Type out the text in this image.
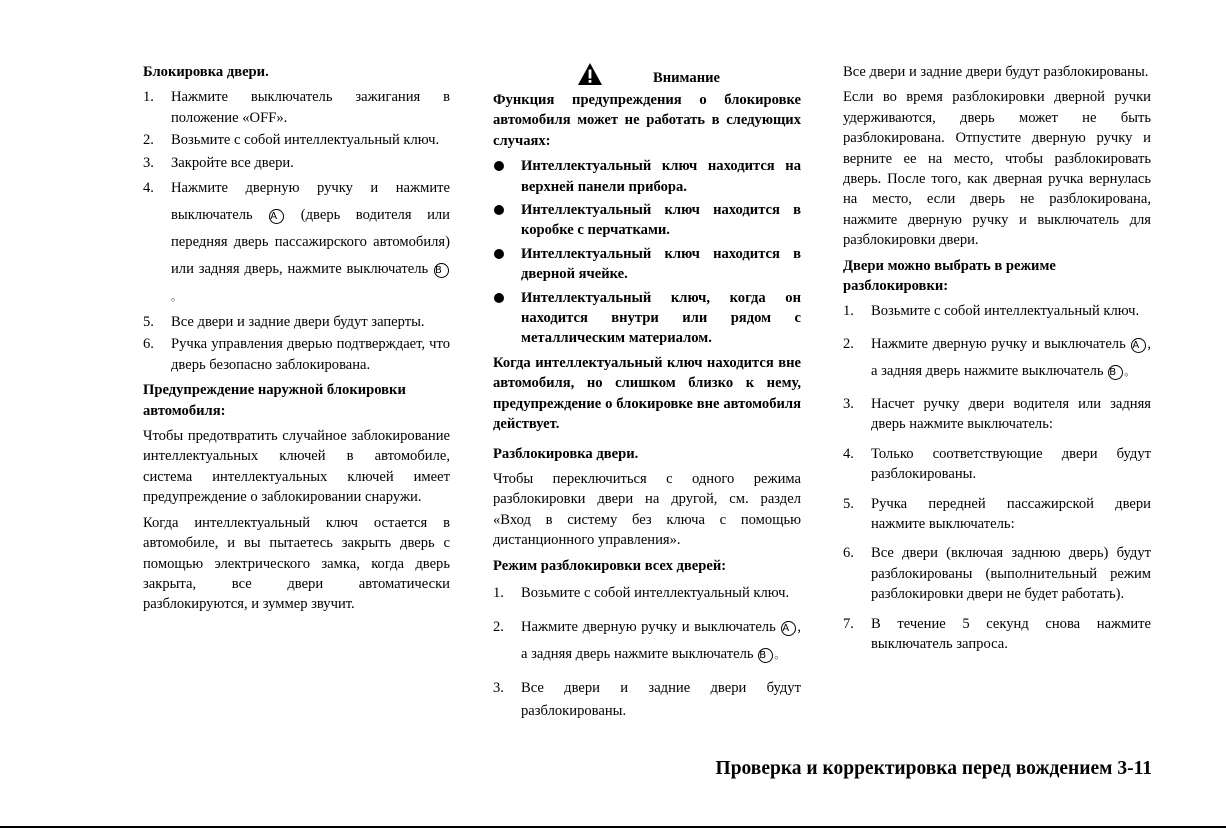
Блокировка двери.
1. Нажмите выключатель зажигания в положение «OFF».
2. Возьмите с собой интеллектуальный ключ.
3. Закройте все двери.
4. Нажмите дверную ручку и нажмите выключатель A (дверь водителя или передняя дверь пассажирского автомобиля) или задняя дверь, нажмите выключатель B。
5. Все двери и задние двери будут заперты.
6. Ручка управления дверью подтверждает, что дверь безопасно заблокирована.
Предупреждение наружной блокировки автомобиля:
Чтобы предотвратить случайное заблокирование интеллектуальных ключей в автомобиле, система интеллектуальных ключей имеет предупреждение о заблокировании снаружи.
Когда интеллектуальный ключ остается в автомобиле, и вы пытаетесь закрыть дверь с помощью электрического замка, когда дверь закрыта, все двери автоматически разблокируются, и зуммер звучит.
Внимание
Функция предупреждения о блокировке автомобиля может не работать в следующих случаях:
Интеллектуальный ключ находится на верхней панели прибора.
Интеллектуальный ключ находится в коробке с перчатками.
Интеллектуальный ключ находится в дверной ячейке.
Интеллектуальный ключ, когда он находится внутри или рядом с металлическим материалом.
Когда интеллектуальный ключ находится вне автомобиля, но слишком близко к нему, предупреждение о блокировке вне автомобиля действует.
Разблокировка двери.
Чтобы переключиться с одного режима разблокировки двери на другой, см. раздел «Вход в систему без ключа с помощью дистанционного управления».
Режим разблокировки всех дверей:
1. Возьмите с собой интеллектуальный ключ.
2. Нажмите дверную ручку и выключатель A , а задняя дверь нажмите выключатель B 。
3. Все двери и задние двери будут разблокированы.
Все двери и задние двери будут разблокированы.
Если во время разблокировки дверной ручки удерживаются, дверь может не быть разблокирована. Отпустите дверную ручку и верните ее на место, чтобы разблокировать дверь. После того, как дверная ручка вернулась на место, если дверь не разблокирована, нажмите дверную ручку и выключатель для разблокировки двери.
Двери можно выбрать в режиме разблокировки:
1. Возьмите с собой интеллектуальный ключ.
2. Нажмите дверную ручку и выключатель A , а задняя дверь нажмите выключатель B 。
3. Насчет ручку двери водителя или задняя дверь нажмите выключатель:
4. Только соответствующие двери будут разблокированы.
5. Ручка передней пассажирской двери нажмите выключатель:
6. Все двери (включая заднюю дверь) будут разблокированы (выполнительный режим разблокировки двери не будет работать).
7. В течение 5 секунд снова нажмите выключатель запроса.
Проверка и корректировка перед вождением 3-11
